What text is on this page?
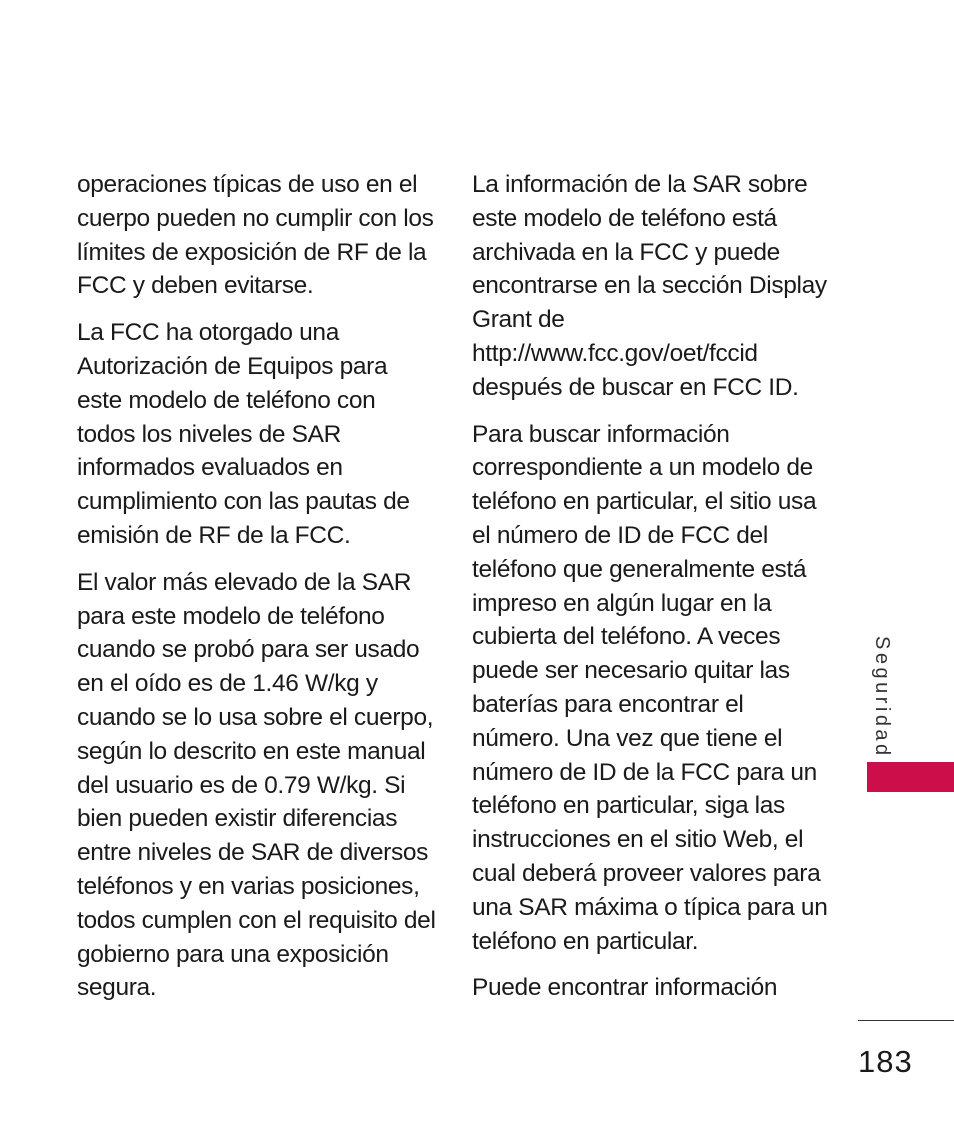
operaciones típicas de uso en el cuerpo pueden no cumplir con los límites de exposición de RF de la FCC y deben evitarse.

La FCC ha otorgado una Autorización de Equipos para este modelo de teléfono con todos los niveles de SAR informados evaluados en cumplimiento con las pautas de emisión de RF de la FCC.

El valor más elevado de la SAR para este modelo de teléfono cuando se probó para ser usado en el oído es de 1.46 W/kg y cuando se lo usa sobre el cuerpo, según lo descrito en este manual del usuario es de 0.79 W/kg. Si bien pueden existir diferencias entre niveles de SAR de diversos teléfonos y en varias posiciones, todos cumplen con el requisito del gobierno para una exposición segura.

La información de la SAR sobre este modelo de teléfono está archivada en la FCC y puede encontrarse en la sección Display Grant de http://www.fcc.gov/oet/fccid después de buscar en FCC ID.

Para buscar información correspondiente a un modelo de teléfono en particular, el sitio usa el número de ID de FCC del teléfono que generalmente está impreso en algún lugar en la cubierta del teléfono. A veces puede ser necesario quitar las baterías para encontrar el número. Una vez que tiene el número de ID de la FCC para un teléfono en particular, siga las instrucciones en el sitio Web, el cual deberá proveer valores para una SAR máxima o típica para un teléfono en particular.

Puede encontrar información

Seguridad
183
